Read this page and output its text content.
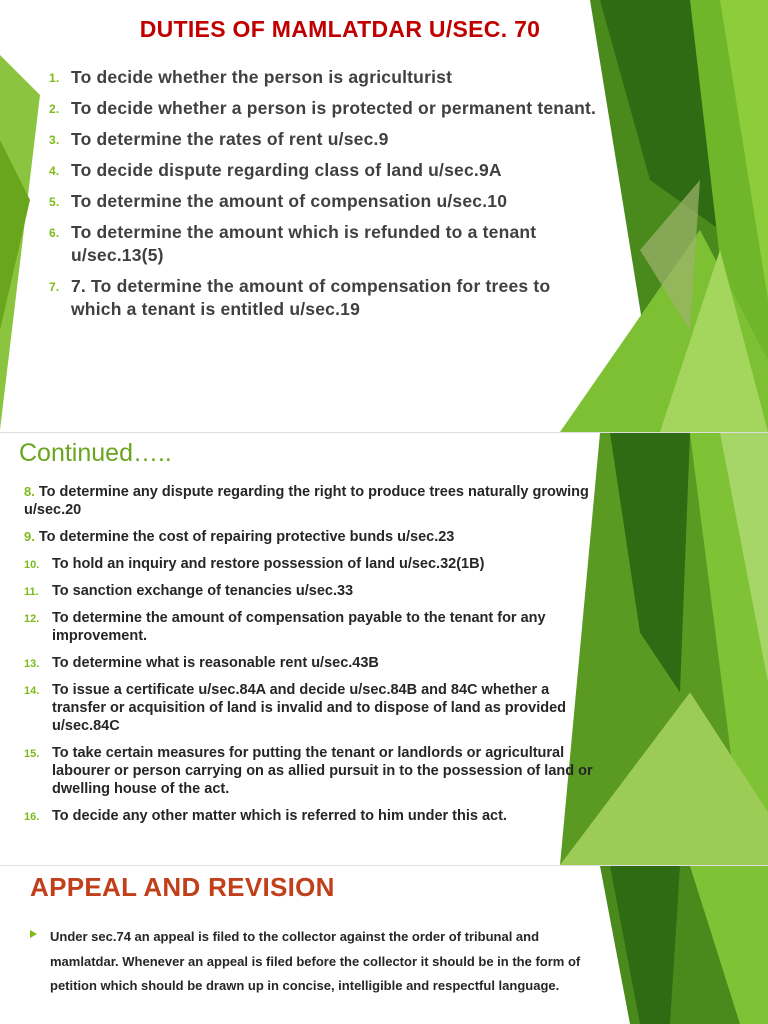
DUTIES OF MAMLATDAR U/SEC. 70
1. To decide whether the person is agriculturist
2. To decide whether a person is protected or permanent tenant.
3. To determine the rates of rent u/sec.9
4. To decide dispute regarding class of land u/sec.9A
5. To determine the amount of compensation u/sec.10
6. To determine the amount which is refunded to a tenant u/sec.13(5)
7. 7. To determine the amount of compensation for trees to which a tenant is entitled u/sec.19
Continued…..
8. To determine any dispute regarding the right to produce trees naturally growing u/sec.20
9. To determine the cost of repairing protective bunds u/sec.23
10. To hold an inquiry and restore possession of land u/sec.32(1B)
11. To sanction exchange of tenancies u/sec.33
12. To determine the amount of compensation payable to the tenant for any improvement.
13. To determine what is reasonable rent u/sec.43B
14. To issue a certificate u/sec.84A and decide u/sec.84B and 84C whether a transfer or acquisition of land is invalid and to dispose of land as provided u/sec.84C
15. To take certain measures for putting the tenant or landlords or agricultural labourer or person carrying on as allied pursuit in to the possession of land or dwelling house of the act.
16. To decide any other matter which is referred to him under this act.
APPEAL AND REVISION
Under sec.74 an appeal is filed to the collector against the order of tribunal and mamlatdar. Whenever an appeal is filed before the collector it should be in the form of petition which should be drawn up in concise, intelligible and respectful language.
